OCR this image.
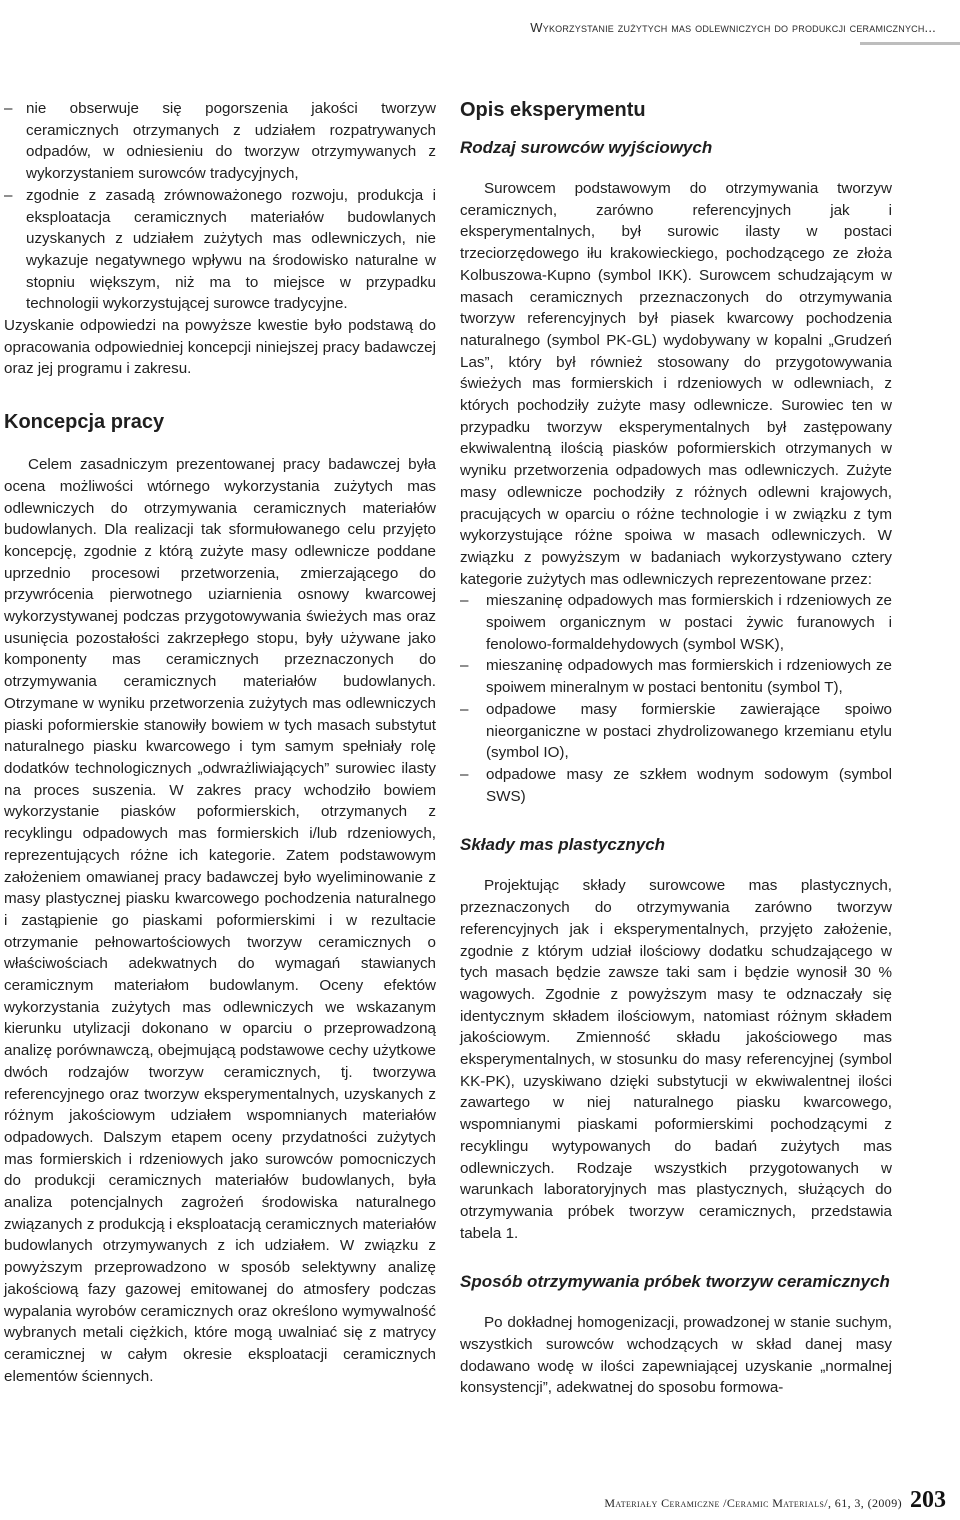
Wykorzystanie zużytych mas odlewniczych do produkcji ceramicznych...
– nie obserwuje się pogorszenia jakości tworzyw ceramicznych otrzymanych z udziałem rozpatrywanych odpadów, w odniesieniu do tworzyw otrzymywanych z wykorzystaniem surowców tradycyjnych,
– zgodnie z zasadą zrównoważonego rozwoju, produkcja i eksploatacja ceramicznych materiałów budowlanych uzyskanych z udziałem zużytych mas odlewniczych, nie wykazuje negatywnego wpływu na środowisko naturalne w stopniu większym, niż ma to miejsce w przypadku technologii wykorzystującej surowce tradycyjne.

Uzyskanie odpowiedzi na powyższe kwestie było podstawą do opracowania odpowiedniej koncepcji niniejszej pracy badawczej oraz jej programu i zakresu.

Koncepcja pracy

Celem zasadniczym prezentowanej pracy badawczej była ocena możliwości wtórnego wykorzystania zużytych mas odlewniczych do otrzymywania ceramicznych materiałów budowlanych. Dla realizacji tak sformułowanego celu przyjęto koncepcję, zgodnie z którą zużyte masy odlewnicze poddane uprzednio procesowi przetworzenia, zmierzającego do przywrócenia pierwotnego uziarnienia osnowy kwarcowej wykorzystywanej podczas przygotowywania świeżych mas oraz usunięcia pozostałości zakrzepłego stopu, były używane jako komponenty mas ceramicznych przeznaczonych do otrzymywania ceramicznych materiałów budowlanych. Otrzymane w wyniku przetworzenia zużytych mas odlewniczych piaski poformierskie stanowiły bowiem w tych masach substytut naturalnego piasku kwarcowego i tym samym spełniały rolę dodatków technologicznych „odwrażliwiających” surowiec ilasty na proces suszenia. W zakres pracy wchodziło bowiem wykorzystanie piasków poformierskich, otrzymanych z recyklingu odpadowych mas formierskich i/lub rdzeniowych, reprezentujących różne ich kategorie. Zatem podstawowym założeniem omawianej pracy badawczej było wyeliminowanie z masy plastycznej piasku kwarcowego pochodzenia naturalnego i zastąpienie go piaskami poformierskimi i w rezultacie otrzymanie pełnowartościowych tworzyw ceramicznych o właściwościach adekwatnych do wymagań stawianych ceramicznym materiałom budowlanym. Oceny efektów wykorzystania zużytych mas odlewniczych we wskazanym kierunku utylizacji dokonano w oparciu o przeprowadzoną analizę porównawczą, obejmującą podstawowe cechy użytkowe dwóch rodzajów tworzyw ceramicznych, tj. tworzywa referencyjnego oraz tworzyw eksperymentalnych, uzyskanych z różnym jakościowym udziałem wspomnianych materiałów odpadowych. Dalszym etapem oceny przydatności zużytych mas formierskich i rdzeniowych jako surowców pomocniczych do produkcji ceramicznych materiałów budowlanych, była analiza potencjalnych zagrożeń środowiska naturalnego związanych z produkcją i eksploatacją ceramicznych materiałów budowlanych otrzymywanych z ich udziałem. W związku z powyższym przeprowadzono w sposób selektywny analizę jakościową fazy gazowej emitowanej do atmosfery podczas wypalania wyrobów ceramicznych oraz określono wymywalność wybranych metali ciężkich, które mogą uwalniać się z matrycy ceramicznej w całym okresie eksploatacji ceramicznych elementów ściennych.

Opis eksperymentu
Rodzaj surowców wyjściowych

Surowcem podstawowym do otrzymywania tworzyw ceramicznych, zarówno referencyjnych jak i eksperymentalnych, był surowic ilasty w postaci trzeciorzędowego iłu krakowieckiego, pochodzącego ze złoża Kolbuszowa-Kupno (symbol IKK). Surowcem schudzającym w masach ceramicznych przeznaczonych do otrzymywania tworzyw referencyjnych był piasek kwarcowy pochodzenia naturalnego (symbol PK-GL) wydobywany w kopalni „Grudzeń Las”, który był również stosowany do przygotowywania świeżych mas formierskich i rdzeniowych w odlewniach, z których pochodziły zużyte masy odlewnicze. Surowiec ten w przypadku tworzyw eksperymentalnych był zastępowany ekwiwalentną ilością piasków poformierskich otrzymanych w wyniku przetworzenia odpadowych mas odlewniczych. Zużyte masy odlewnicze pochodziły z różnych odlewni krajowych, pracujących w oparciu o różne technologie i w związku z tym wykorzystujące różne spoiwa w masach odlewniczych. W związku z powyższym w badaniach wykorzystywano cztery kategorie zużytych mas odlewniczych reprezentowane przez:

– mieszaninę odpadowych mas formierskich i rdzeniowych ze spoiwem organicznym w postaci żywic furanowych i fenolowo-formaldehydowych (symbol WSK),
– mieszaninę odpadowych mas formierskich i rdzeniowych ze spoiwem mineralnym w postaci bentonitu (symbol T),
– odpadowe masy formierskie zawierające spoiwo nieorganiczne w postaci zhydrolizowanego krzemianu etylu (symbol IO),
– odpadowe masy ze szkłem wodnym sodowym (symbol SWS)
Składy mas plastycznych

Projektując składy surowcowe mas plastycznych, przeznaczonych do otrzymywania zarówno tworzyw referencyjnych jak i eksperymentalnych, przyjęto założenie, zgodnie z którym udział ilościowy dodatku schudzającego w tych masach będzie zawsze taki sam i będzie wynosił 30 % wagowych. Zgodnie z powyższym masy te odznaczały się identycznym składem ilościowym, natomiast różnym składem jakościowym. Zmienność składu jakościowego mas eksperymentalnych, w stosunku do masy referencyjnej (symbol KK-PK), uzyskiwano dzięki substytucji w ekwiwalentnej ilości zawartego w niej naturalnego piasku kwarcowego, wspomnianymi piaskami poformierskimi pochodzącymi z recyklingu wytypowanych do badań zużytych mas odlewniczych. Rodzaje wszystkich przygotowanych w warunkach laboratoryjnych mas plastycznych, służących do otrzymywania próbek tworzyw ceramicznych, przedstawia tabela 1.

Sposób otrzymywania próbek tworzyw ceramicznych

Po dokładnej homogenizacji, prowadzonej w stanie suchym, wszystkich surowców wchodzących w skład danej masy dodawano wodę w ilości zapewniającej uzyskanie „normalnej konsystencji”, adekwatnej do sposobu formowa-

Materiały Ceramiczne /Ceramic Materials/, 61, 3, (2009) 203
